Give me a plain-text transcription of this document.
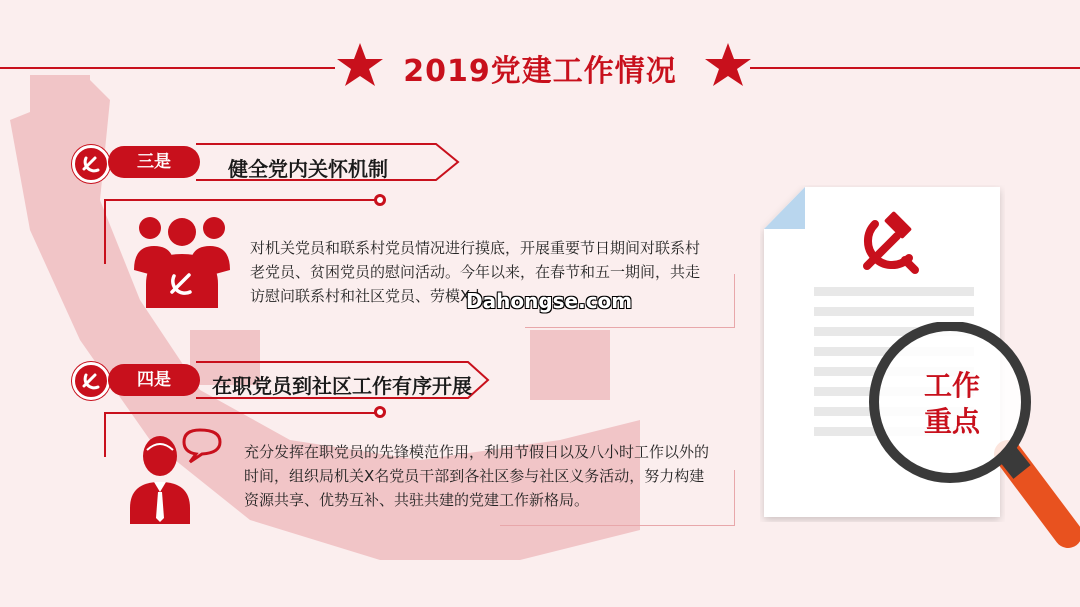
2019党建工作情况
三是	健全党内关怀机制
对机关党员和联系村党员情况进行摸底，开展重要节日期间对联系村老党员、贫困党员的慰问活动。今年以来，在春节和五一期间，共走访慰问联系村和社区党员、劳模X人
Dahongse.com
四是	在职党员到社区工作有序开展
充分发挥在职党员的先锋模范作用，利用节假日以及八小时工作以外的时间，组织局机关X名党员干部到各社区参与社区义务活动，努力构建资源共享、优势互补、共驻共建的党建工作新格局。
工作
重点
